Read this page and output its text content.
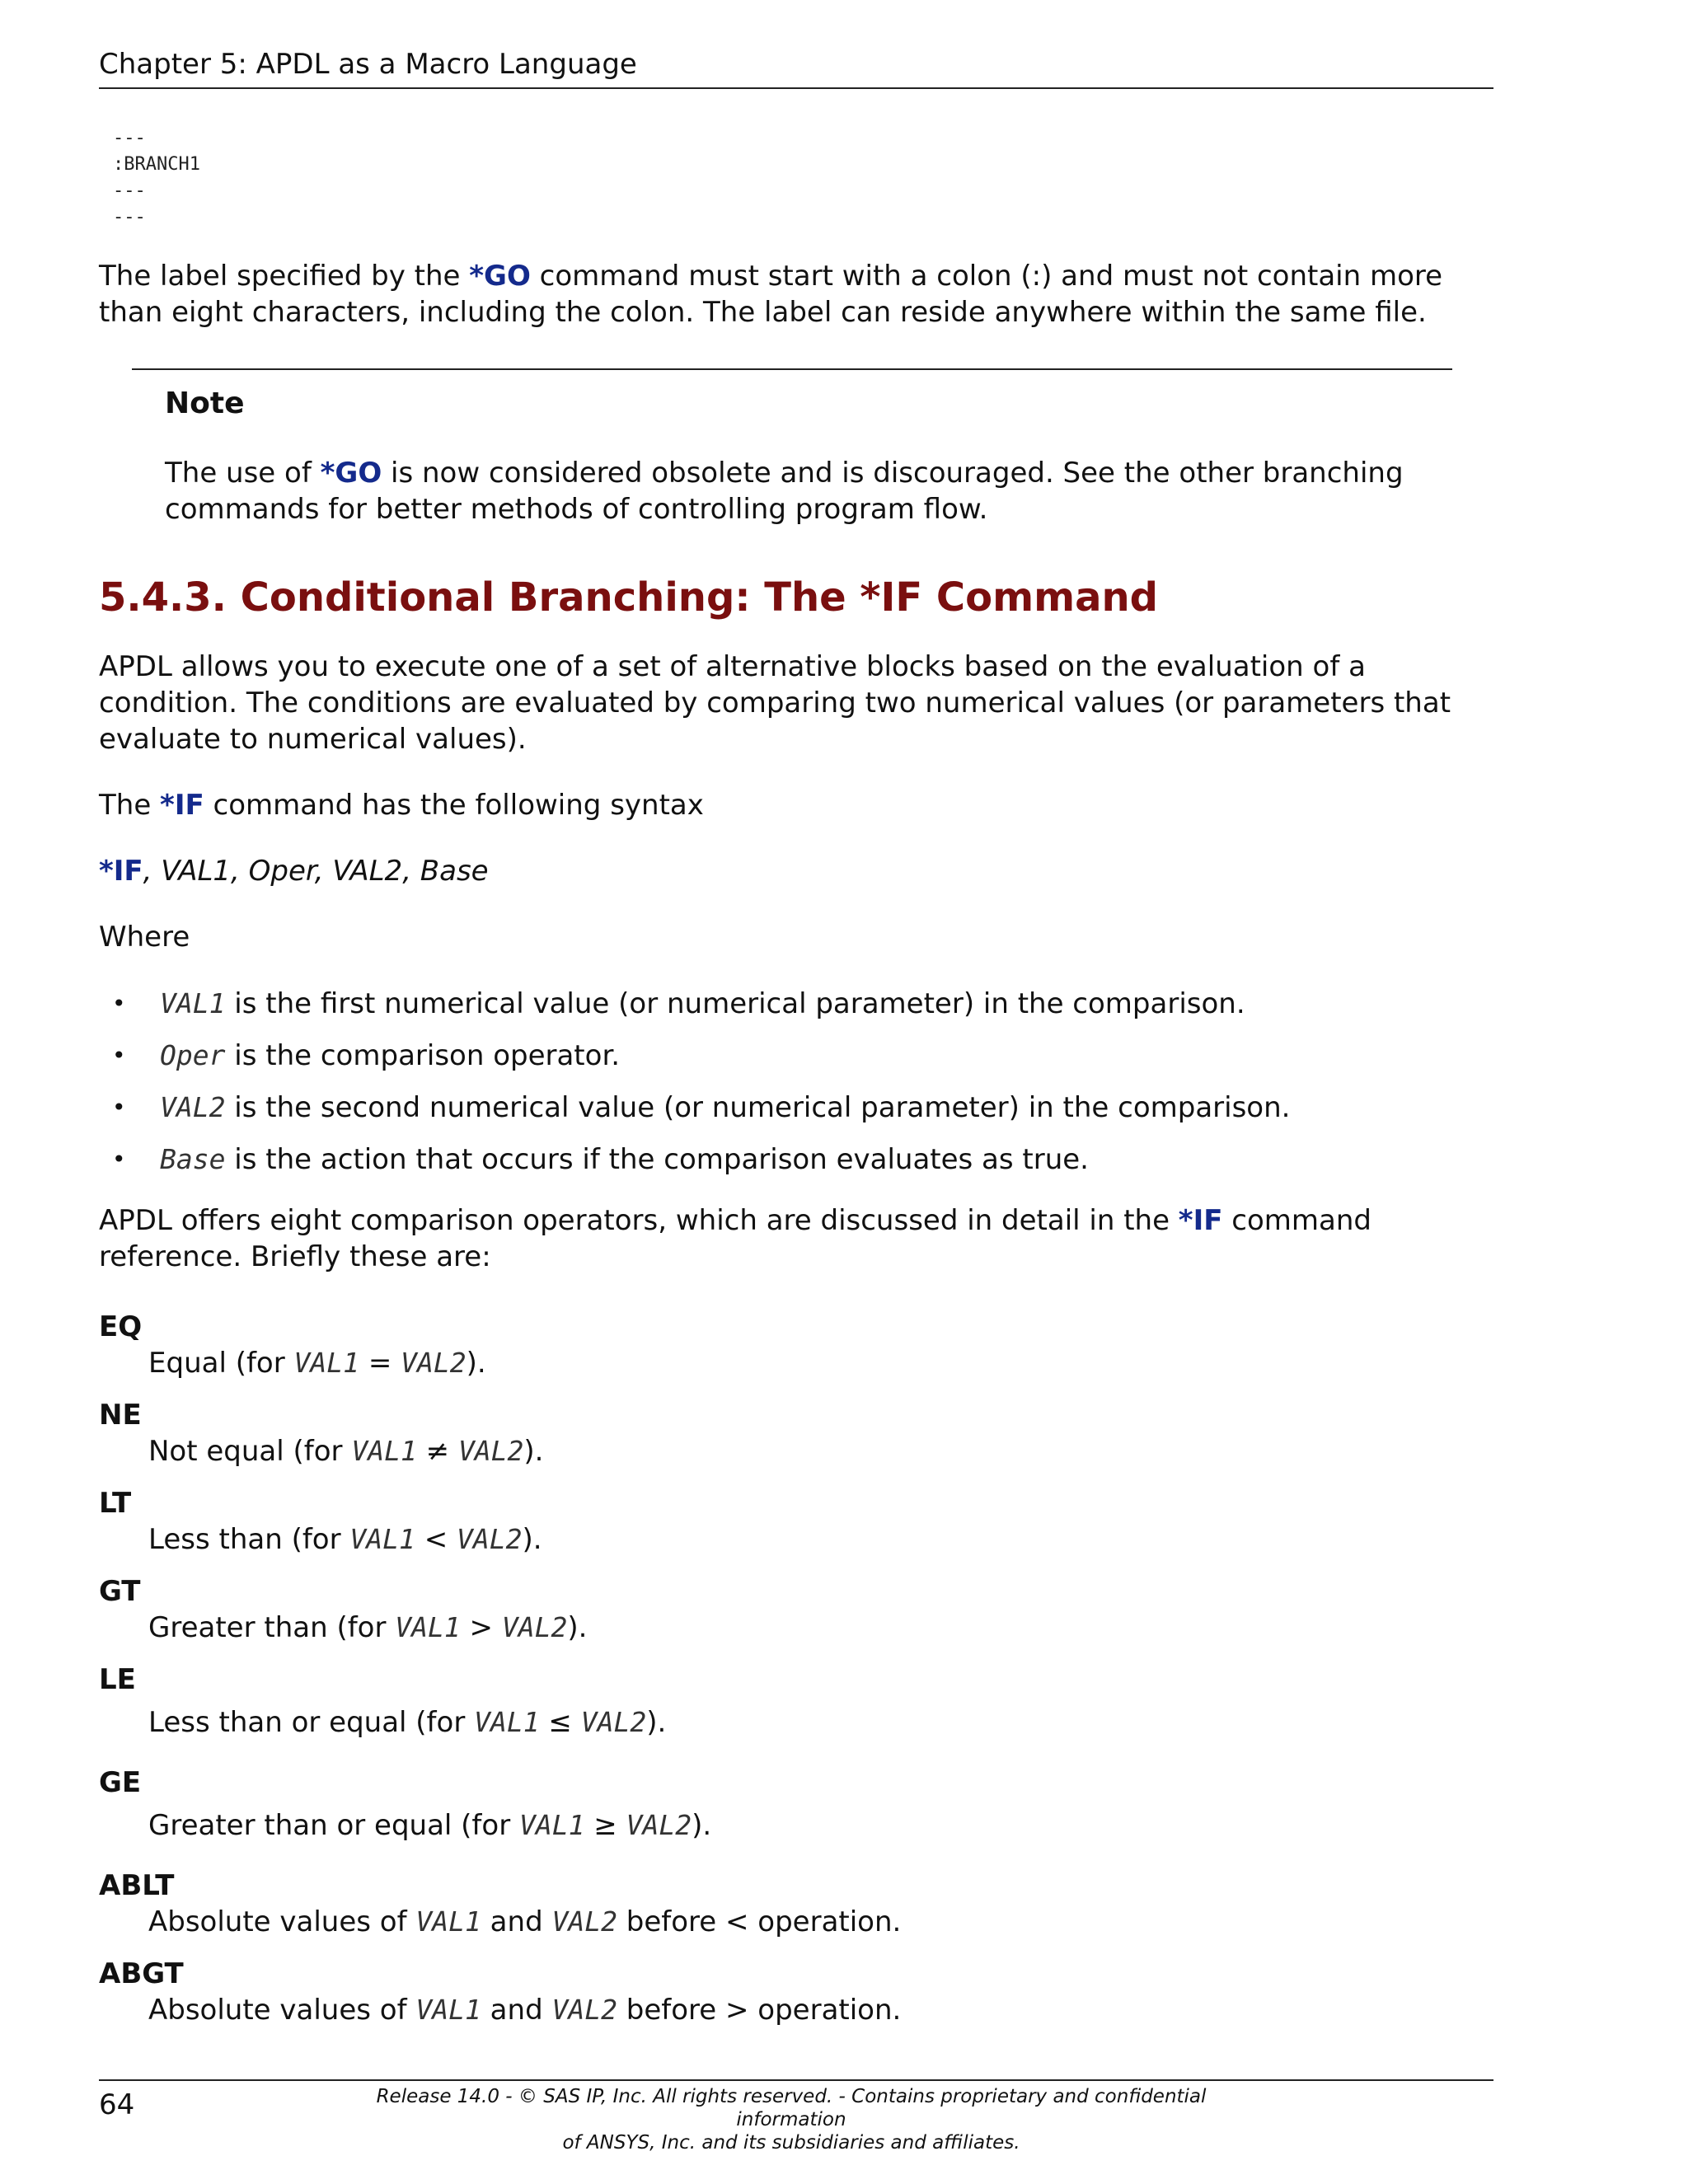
Chapter 5: APDL as a Macro Language
---
:BRANCH1
---
---

The label specified by the *GO command must start with a colon (:) and must not contain more than eight characters, including the colon. The label can reside anywhere within the same file.

Note

The use of *GO is now considered obsolete and is discouraged. See the other branching commands for better methods of controlling program flow.

5.4.3. Conditional Branching: The *IF Command

APDL allows you to execute one of a set of alternative blocks based on the evaluation of a condition. The conditions are evaluated by comparing two numerical values (or parameters that evaluate to numerical values).

The *IF command has the following syntax

*IF, VAL1, Oper, VAL2, Base

Where

• VAL1 is the first numerical value (or numerical parameter) in the comparison.
• Oper is the comparison operator.
• VAL2 is the second numerical value (or numerical parameter) in the comparison.
• Base is the action that occurs if the comparison evaluates as true.

APDL offers eight comparison operators, which are discussed in detail in the *IF command reference. Briefly these are:

EQ
Equal (for VAL1 = VAL2).
NE
Not equal (for VAL1 ≠ VAL2).
LT
Less than (for VAL1 < VAL2).
GT
Greater than (for VAL1 > VAL2).
LE
Less than or equal (for VAL1 ≤ VAL2).
GE
Greater than or equal (for VAL1 ≥ VAL2).
ABLT
Absolute values of VAL1 and VAL2 before < operation.
ABGT
Absolute values of VAL1 and VAL2 before > operation.
64	Release 14.0 - © SAS IP, Inc. All rights reserved. - Contains proprietary and confidential information
of ANSYS, Inc. and its subsidiaries and affiliates.
